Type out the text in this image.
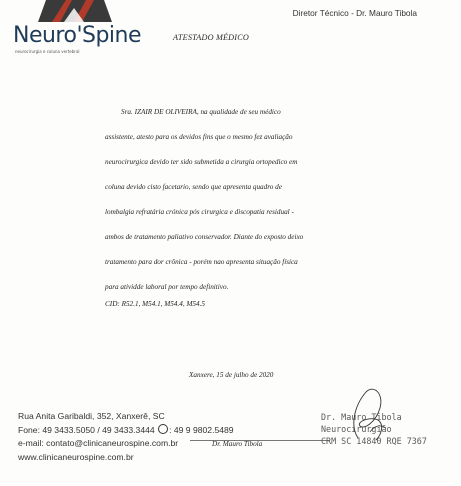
Neuro'Spine
neurocirurgia e coluna vertebral
Diretor Técnico - Dr. Mauro Tibola
ATESTADO MÉDICO

Sra. IZAIR DE OLIVEIRA, na qualidade de seu médico

assistente, atesto para os devidos fins que o mesmo fez avaliação

neurocirurgica devido ter sido submetida a cirurgia ortopedico em

coluna devido cisto facetario, sendo que apresenta quadro de

lombalgia refratária crónica pós cirurgica e discopatia residual -

ambos de tratamento paliativo conservador. Diante do exposto deixo

tratamento para dor crônica - porém nao apresenta situação física

para atividde laboral por tempo definitivo.

CID: R52.1, M54.1, M54.4, M54.5
Xanxere, 15 de julho de 2020
Rua Anita Garibaldi, 352, Xanxerê, SC
Fone: 49 3433.5050 / 49 3433.3444 : 49 9 9802.5489
e-mail: contato@clinicaneurospine.com.br
www.clinicaneurospine.com.br
Dr. Mauro Tibola
Dr. Mauro Tibola
Neurocirurgião
CRM SC 14840 RQE 7367
